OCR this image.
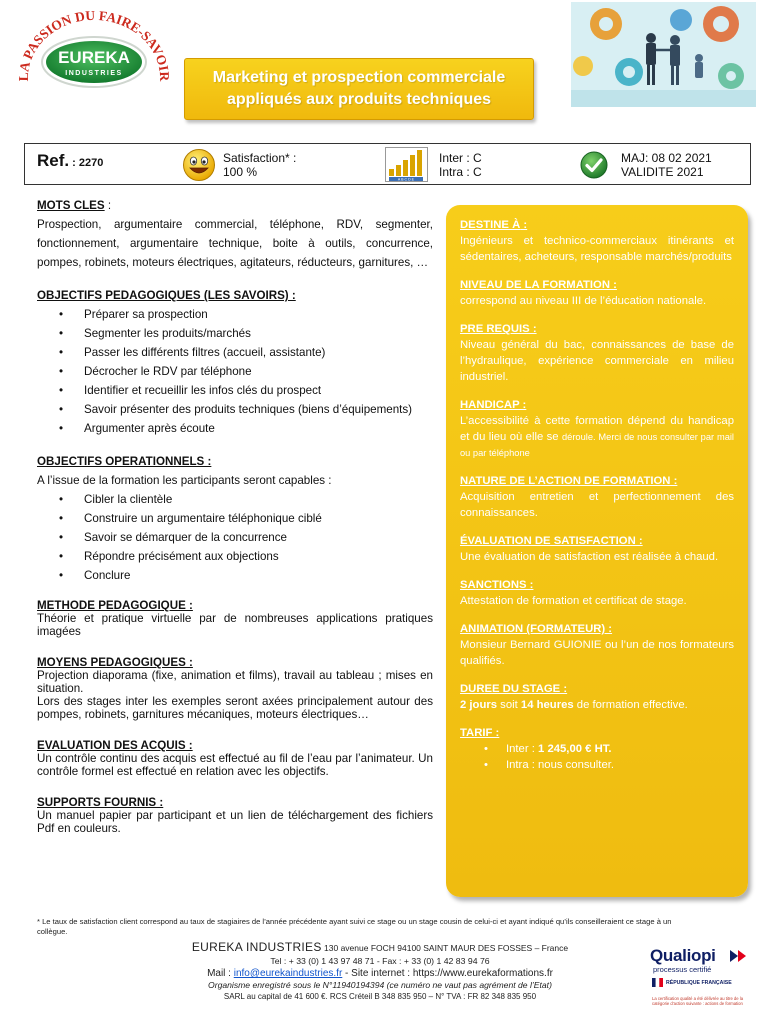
LA PASSION DU FAIRE-SAVOIR
EUREKA
INDUSTRIES	Marketing et prospection commerciale
appliqués aux produits techniques
Ref. : 2270	Satisfaction* :
100 %
A B C D E
Inter : C
Intra : C
MAJ: 08 02 2021
VALIDITE 2021
MOTS CLES :
Prospection, argumentaire commercial, téléphone, RDV, segmenter, fonctionnement, argumentaire technique, boite à outils, concurrence, pompes, robinets, moteurs électriques, agitateurs, réducteurs, garnitures, …
OBJECTIFS PEDAGOGIQUES (LES SAVOIRS) :
• Préparer sa prospection
• Segmenter les produits/marchés
• Passer les différents filtres (accueil, assistante)
• Décrocher le RDV par téléphone
• Identifier et recueillir les infos clés du prospect
• Savoir présenter des produits techniques (biens d’équipements)
• Argumenter après écoute
OBJECTIFS OPERATIONNELS :
A l’issue de la formation les participants seront capables :
• Cibler la clientèle
• Construire un argumentaire téléphonique ciblé
• Savoir se démarquer de la concurrence
• Répondre précisément aux objections
• Conclure
METHODE PEDAGOGIQUE :
Théorie et pratique virtuelle par de nombreuses applications pratiques imagées
MOYENS PEDAGOGIQUES :
Projection diaporama (fixe, animation et films), travail au tableau ; mises en situation.
Lors des stages inter les exemples seront axées principalement autour des pompes, robinets, garnitures mécaniques, moteurs électriques…
EVALUATION DES ACQUIS :
Un contrôle continu des acquis est effectué au fil de l’eau par l’animateur. Un contrôle formel est effectué en relation avec les objectifs.
SUPPORTS FOURNIS :
Un manuel papier par participant et un lien de téléchargement des fichiers Pdf en couleurs.
DESTINE À :
Ingénieurs et technico-commerciaux itinérants et sédentaires, acheteurs, responsable marchés/produits
NIVEAU DE LA FORMATION :
correspond au niveau III de l’éducation nationale.
PRE REQUIS :
Niveau général du bac, connaissances de base de l’hydraulique, expérience commerciale en milieu industriel.
HANDICAP :
L’accessibilité à cette formation dépend du handicap et du lieu où elle se déroule. Merci de nous consulter par mail ou par téléphone
NATURE DE L’ACTION DE FORMATION :
Acquisition entretien et perfectionnement des connaissances.
ÉVALUATION DE SATISFACTION :
Une évaluation de satisfaction est réalisée à chaud.
SANCTIONS :
Attestation de formation et certificat de stage.
ANIMATION (FORMATEUR) :
Monsieur Bernard GUIONIE ou l’un de nos formateurs qualifiés.
DUREE DU STAGE :
2 jours soit 14 heures de formation effective.
TARIF :
• Inter : 1 245,00 € HT.
• Intra : nous consulter.
* Le taux de satisfaction client correspond au taux de stagiaires de l’année précédente ayant suivi ce stage ou un stage cousin de celui-ci et ayant indiqué qu’ils conseilleraient ce stage à un collègue.
EUREKA INDUSTRIES 130 avenue FOCH 94100 SAINT MAUR DES FOSSES – France
Tel : + 33 (0) 1 43 97 48 71 - Fax : + 33 (0) 1 42 83 94 76
Mail : info@eurekaindustries.fr - Site internet : https://www.eurekaformations.fr
Organisme enregistré sous le N°11940194394 (ce numéro ne vaut pas agrément de l’Etat)
SARL au capital de 41 600 €. RCS Créteil B 348 835 950 – N° TVA : FR 82 348 835 950
Qualiopi
processus certifié
RÉPUBLIQUE FRANÇAISE
La certification qualité a été délivrée au titre de la catégorie d’action suivante : actions de formation
